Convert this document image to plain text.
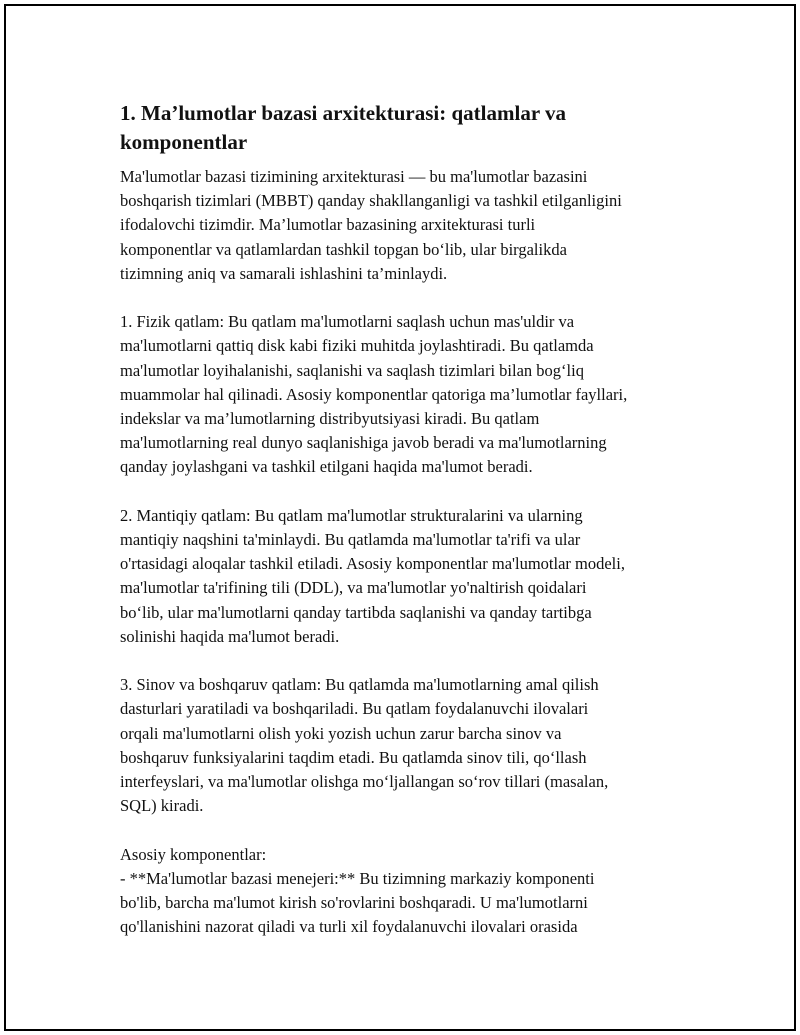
1. Ma’lumotlar bazasi arxitekturasi: qatlamlar va
komponentlar

Ma'lumotlar bazasi tizimining arxitekturasi — bu ma'lumotlar bazasini
boshqarish tizimlari (MBBT) qanday shakllanganligi va tashkil etilganligini
ifodalovchi tizimdir. Ma’lumotlar bazasining arxitekturasi turli
komponentlar va qatlamlardan tashkil topgan bo‘lib, ular birgalikda
tizimning aniq va samarali ishlashini ta’minlaydi.

1. Fizik qatlam: Bu qatlam ma'lumotlarni saqlash uchun mas'uldir va
ma'lumotlarni qattiq disk kabi fiziki muhitda joylashtiradi. Bu qatlamda
ma'lumotlar loyihalanishi, saqlanishi va saqlash tizimlari bilan bog‘liq
muammolar hal qilinadi. Asosiy komponentlar qatoriga ma’lumotlar fayllari,
indekslar va ma’lumotlarning distribyutsiyasi kiradi. Bu qatlam
ma'lumotlarning real dunyo saqlanishiga javob beradi va ma'lumotlarning
qanday joylashgani va tashkil etilgani haqida ma'lumot beradi.

2. Mantiqiy qatlam: Bu qatlam ma'lumotlar strukturalarini va ularning
mantiqiy naqshini ta'minlaydi. Bu qatlamda ma'lumotlar ta'rifi va ular
o'rtasidagi aloqalar tashkil etiladi. Asosiy komponentlar ma'lumotlar modeli,
ma'lumotlar ta'rifining tili (DDL), va ma'lumotlar yo'naltirish qoidalari
bo‘lib, ular ma'lumotlarni qanday tartibda saqlanishi va qanday tartibga
solinishi haqida ma'lumot beradi.

3. Sinov va boshqaruv qatlam: Bu qatlamda ma'lumotlarning amal qilish
dasturlari yaratiladi va boshqariladi. Bu qatlam foydalanuvchi ilovalari
orqali ma'lumotlarni olish yoki yozish uchun zarur barcha sinov va
boshqaruv funksiyalarini taqdim etadi. Bu qatlamda sinov tili, qo‘llash
interfeyslari, va ma'lumotlar olishga mo‘ljallangan so‘rov tillari (masalan,
SQL) kiradi.

Asosiy komponentlar:
- **Ma'lumotlar bazasi menejeri:** Bu tizimning markaziy komponenti
bo'lib, barcha ma'lumot kirish so'rovlarini boshqaradi. U ma'lumotlarni
qo'llanishini nazorat qiladi va turli xil foydalanuvchi ilovalari orasida
